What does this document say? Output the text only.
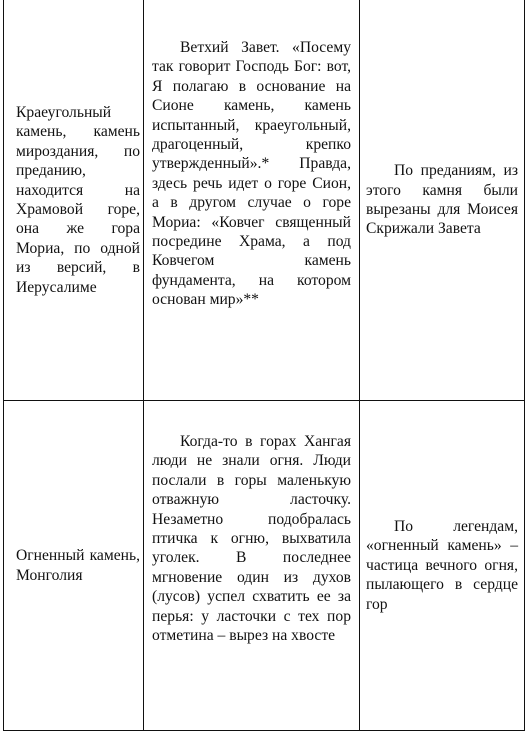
Краеугольный камень, камень мироздания, по преданию, находится на Храмовой горе, она же гора Мориа, по одной из версий, в Иерусалиме
Ветхий Завет. «Посему так говорит Господь Бог: вот, Я полагаю в основание на Сионе камень, камень испытанный, краеугольный, драгоценный, крепко утвержденный».* Правда, здесь речь идет о горе Сион, а в другом случае о горе Мориа: «Ковчег священный посредине Храма, а под Ковчегом камень фундамента, на котором основан мир»**
По преданиям, из этого камня были вырезаны для Моисея Скрижали Завета
Огненный камень, Монголия
Когда-то в горах Хангая люди не знали огня. Люди послали в горы маленькую отважную ласточку. Незаметно подобралась птичка к огню, выхватила уголек. В последнее мгновение один из духов (лусов) успел схватить ее за перья: у ласточки с тех пор отметина – вырез на хвосте
По легендам, «огненный камень» – частица вечного огня, пылающего в сердце гор
